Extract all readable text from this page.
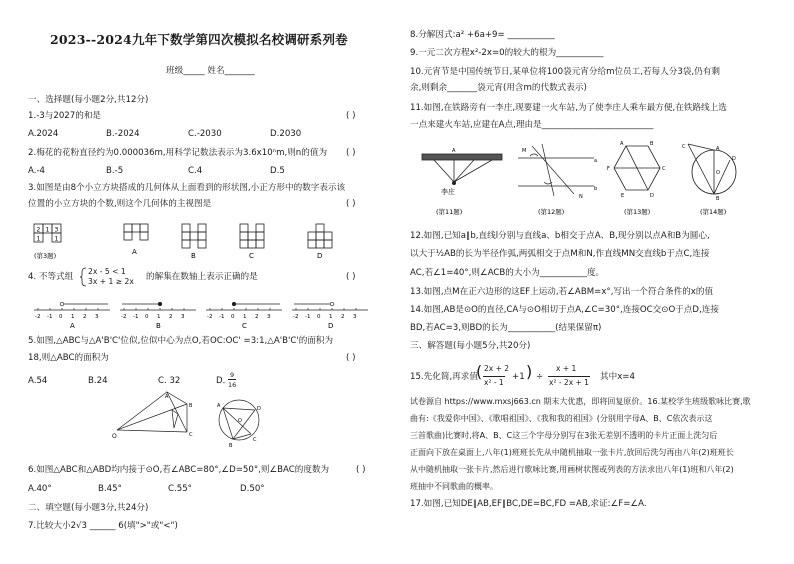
2023--2024九年下数学第四次模拟名校调研系列卷
班级_____ 姓名_______
一、选择题(每小题2分,共12分)
1.-3与2027的和是	( )
A.2024	B.-2024	C.-2030	D.2030
2.梅花的花粉直径约为0.000036m,用科学记数法表示为3.6x10ⁿm,则n的值为 ( )
A.-4	B.-5	C.4	D.5
3.如图是由8个小立方块搭成的几何体从上面看到的形状图,小正方形中的数字表示该
位置的小立方块的个数,则这个几何体的主视图是	( )
2 1 3
1 1
(第3题)	A	B	C	D
4. 不等式组
2x - 5 < 1
3x + 1 ≥ 2x 的解集在数轴上表示正确的是	( )
-2 -1 0 1 2 3
A
-2 -1 0 1 2 3
B
-2 -1 0 1 2 3
C
-2 -1 0 1 2 3
D
5.如图,△ABC与△A'B'C'位似,位似中心为点O,若OC:OC' =3:1,△A'B'C'的面积为
18,则△ABC的面积为	( )
A.54	B.24	C. 32	D.
9
16
O
A
B
C
A	D
B
C
O
6.如图△ABC和△ABD均内接于⊙O,若∠ABC=80°,∠D=50°,则∠BAC的度数为	( )
A.40°	B.45°	C.55°	D.50°
二、填空题(每小题3分,共24分)
7.比较大小2√3 ______ 6(填">"或"<")
8.分解因式:a² +6a+9= ___________
9.一元二次方程x²-2x=0的较大的根为___________
10.元宵节是中国传统节日,某单位将100袋元宵分给m位员工,若每人分3袋,仍有剩
余,则剩余_______袋元宵(用含m的代数式表示)
11.如图,在铁路旁有一李庄,现要建一火车站,为了使李庄人乘车最方便,在铁路线上选
一点来建火车站,应建在A点,理由是__________________________
李庄
A
(第11题)
M
N
a
b
(第12题)
A	B
C
D
E
F
(第13题)
C	A
B
D
O
(第14题)
12.如图,已知a∥b,直线l分别与直线a、b相交于点A、B,现分别以点A和B为圆心,
以大于½AB的长为半径作弧,两弧相交于点M和N,作直线MN交直线b于点C,连接
AC,若∠1=40°,则∠ACB的大小为___________度。
13.如图,点M在正六边形的这EF上运动,若∠ABM=x°,写出一个符合条件的x的值
14.如图,AB是⊙O的直径,CA与⊙O相切于点A,∠C=30°,连接OC交⊙O于点D,连接
BD,若AC=3,则BD的长为___________(结果保留π)
三、解答题(每小题5分,共20分)
15.先化简,再求值
( 2x + 2
x² - 1
+1 ) ÷
x + 1
x² - 2x + 1
其中x=4
试卷源自 https://www.mxsj663.cn 期末大优惠，即将回复原价。16.某校学生班级歌咏比赛,歌
曲有:《我爱你中国》、《歌唱祖国》、《我和我的祖国》(分别用字母A、B、C依次表示这
三首歌曲)比赛时,将A、B、C这三个字母分别写在3张无差别不透明的卡片正面上洗匀后
正面向下放在桌面上,八年(1)班班长先从中随机抽取一张卡片,放回后洗匀再由八年(2)班班长
从中随机抽取一张卡片,然后进行歌咏比赛,用画树状图或列表的方法求出八年(1)班和八年(2)
班抽中不同歌曲的概率。
17.如图,已知DE∥AB,EF∥BC,DE=BC,FD =AB,求证:∠F=∠A.
